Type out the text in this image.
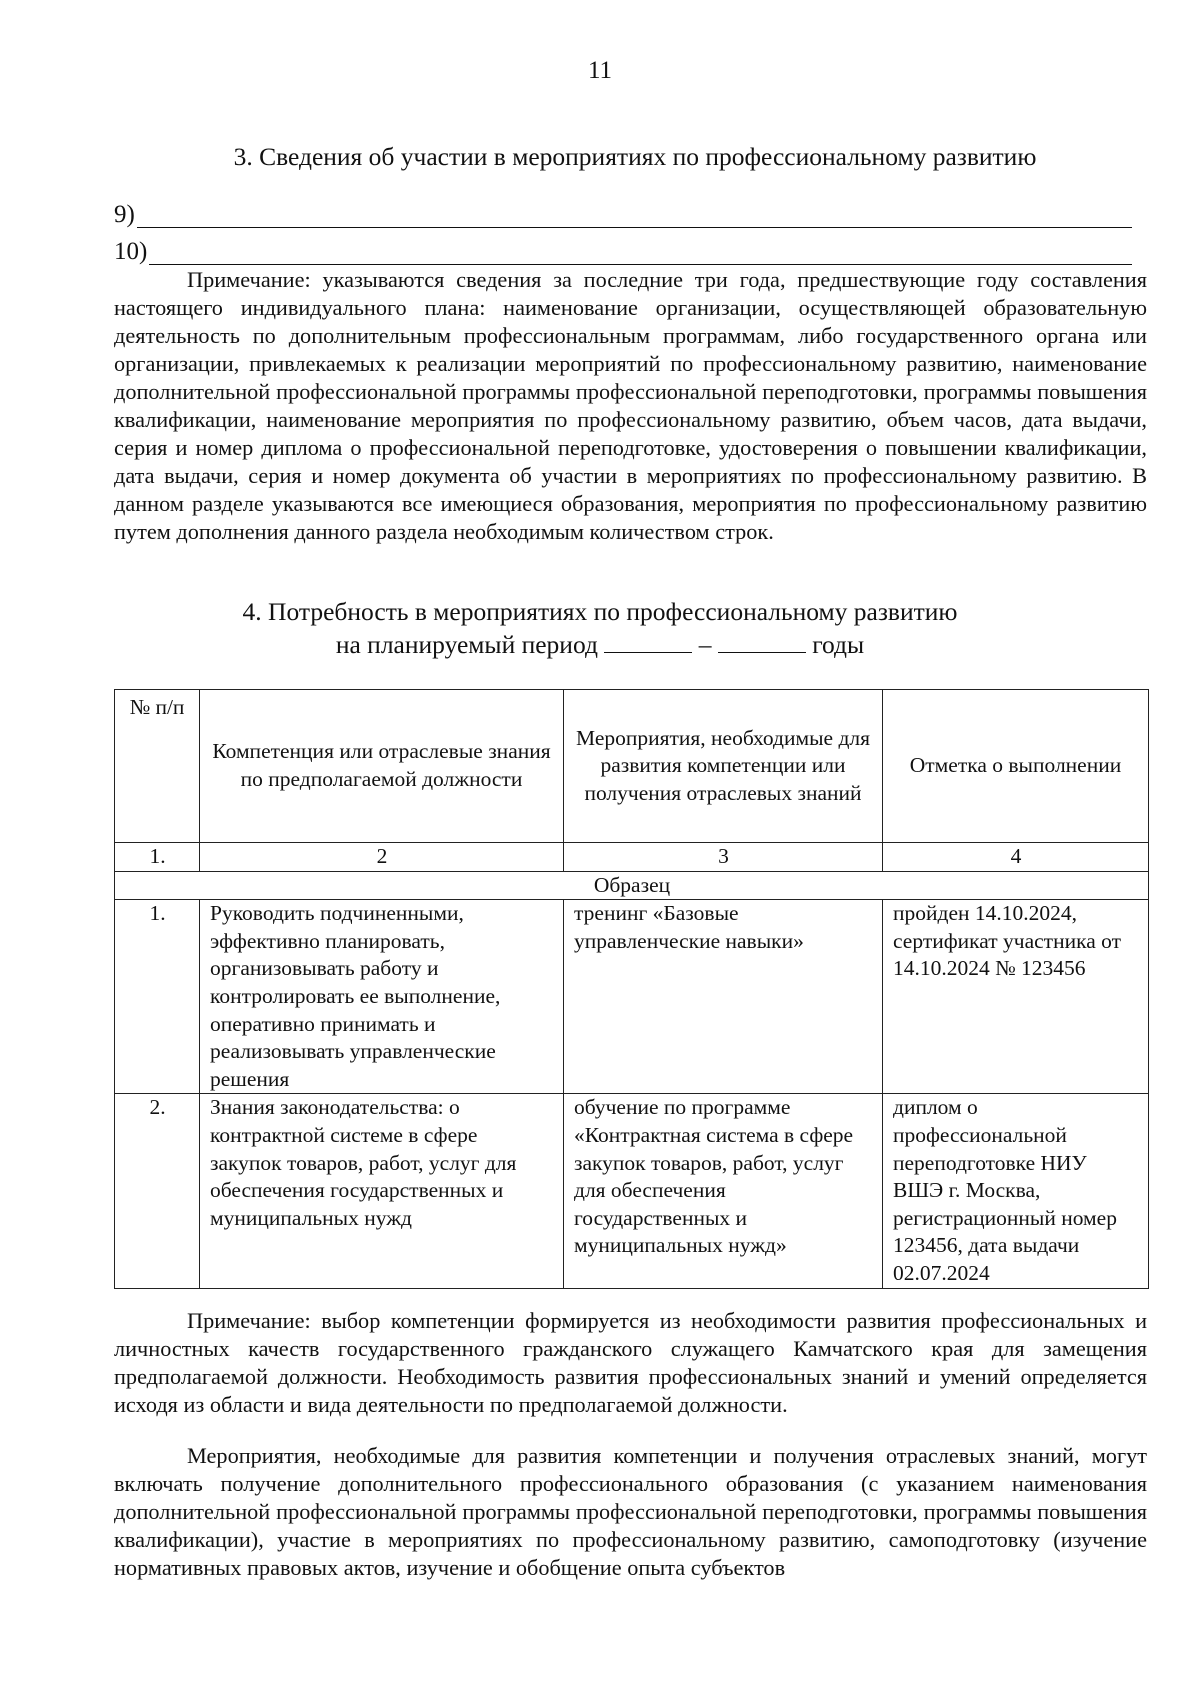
11
3. Сведения об участии в мероприятиях по профессиональному развитию
9)
10)
Примечание: указываются сведения за последние три года, предшествующие году составления настоящего индивидуального плана: наименование организации, осуществляющей образовательную деятельность по дополнительным профессиональным программам, либо государственного органа или организации, привлекаемых к реализации мероприятий по профессиональному развитию, наименование дополнительной профессиональной программы профессиональной переподготовки, программы повышения квалификации, наименование мероприятия по профессиональному развитию, объем часов, дата выдачи, серия и номер диплома о профессиональной переподготовке, удостоверения о повышении квалификации, дата выдачи, серия и номер документа об участии в мероприятиях по профессиональному развитию. В данном разделе указываются все имеющиеся образования, мероприятия по профессиональному развитию путем дополнения данного раздела необходимым количеством строк.
4. Потребность в мероприятиях по профессиональному развитию
на планируемый период	–	годы
№ п/п	Компетенция или отраслевые знания по предполагаемой должности	Мероприятия, необходимые для развития компетенции или получения отраслевых знаний	Отметка о выполнении
1.	2	3	4
Образец			
1.	Руководить подчиненными, эффективно планировать, организовывать работу и контролировать ее выполнение, оперативно принимать и реализовывать управленческие решения	тренинг «Базовые управленческие навыки»	пройден 14.10.2024, сертификат участника от 14.10.2024 № 123456
2.	Знания законодательства: о контрактной системе в сфере закупок товаров, работ, услуг для обеспечения государственных и муниципальных нужд	обучение по программе «Контрактная система в сфере закупок товаров, работ, услуг для обеспечения государственных и муниципальных нужд»	диплом о профессиональной переподготовке НИУ ВШЭ г. Москва, регистрационный номер 123456, дата выдачи 02.07.2024
Примечание: выбор компетенции формируется из необходимости развития профессиональных и личностных качеств государственного гражданского служащего Камчатского края для замещения предполагаемой должности. Необходимость развития профессиональных знаний и умений определяется исходя из области и вида деятельности по предполагаемой должности.
Мероприятия, необходимые для развития компетенции и получения отраслевых знаний, могут включать получение дополнительного профессионального образования (с указанием наименования дополнительной профессиональной программы профессиональной переподготовки, программы повышения квалификации), участие в мероприятиях по профессиональному развитию, самоподготовку (изучение нормативных правовых актов, изучение и обобщение опыта субъектов
